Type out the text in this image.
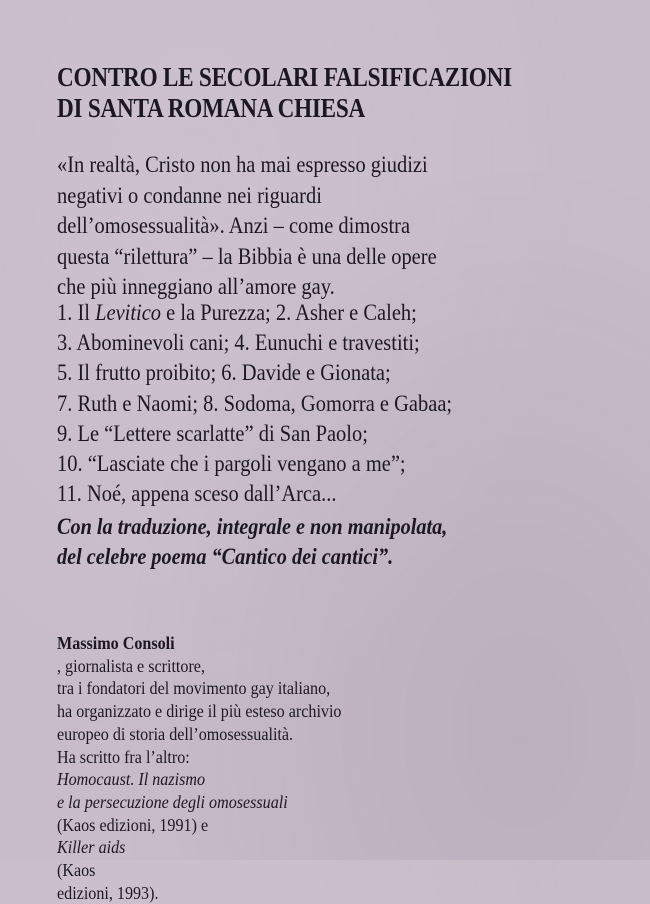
CONTRO LE SECOLARI FALSIFICAZIONI
DI SANTA ROMANA CHIESA

«In realtà, Cristo non ha mai espresso giudizi
negativi o condanne nei riguardi
dell’omosessualità». Anzi – come dimostra
questa “rilettura” – la Bibbia è una delle opere
che più inneggiano all’amore gay.

1. Il Levitico e la Purezza; 2. Asher e Caleh;
3. Abominevoli cani; 4. Eunuchi e travestiti;
5. Il frutto proibito; 6. Davide e Gionata;
7. Ruth e Naomi; 8. Sodoma, Gomorra e Gabaa;
9. Le “Lettere scarlatte” di San Paolo;
10. “Lasciate che i pargoli vengano a me”;
11. Noé, appena sceso dall’Arca...

Con la traduzione, integrale e non manipolata,
del celebre poema “Cantico dei cantici”.

Massimo Consoli
, giornalista e scrittore,
tra i fondatori del movimento gay italiano,
ha organizzato e dirige il più esteso archivio
europeo di storia dell’omosessualità.
Ha scritto fra l’altro:
Homocaust. Il nazismo
e la persecuzione degli omosessuali
(Kaos edizioni, 1991) e
Killer aids
(Kaos
edizioni, 1993).
